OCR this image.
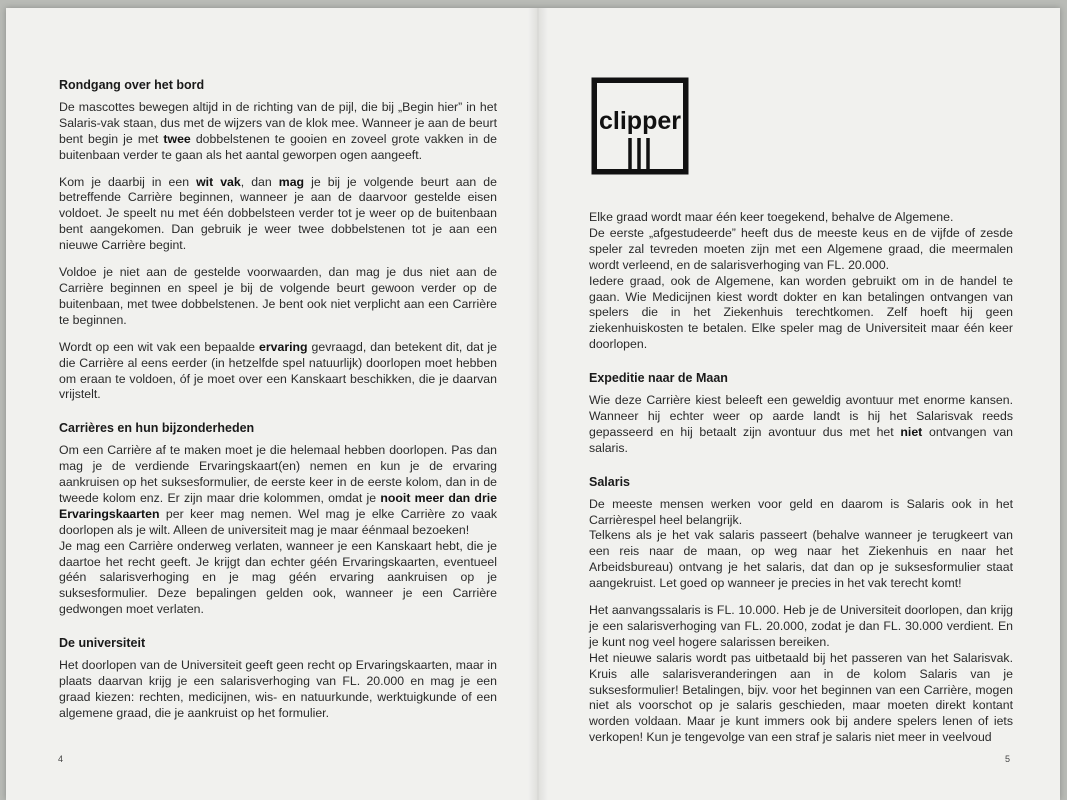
Rondgang over het bord

De mascottes bewegen altijd in de richting van de pijl, die bij „Begin hier” in het Salaris-vak staan, dus met de wijzers van de klok mee. Wanneer je aan de beurt bent begin je met twee dobbelstenen te gooien en zoveel grote vakken in de buitenbaan verder te gaan als het aantal geworpen ogen aangeeft.

Kom je daarbij in een wit vak, dan mag je bij je volgende beurt aan de betreffende Carrière beginnen, wanneer je aan de daarvoor gestelde eisen voldoet. Je speelt nu met één dobbelsteen verder tot je weer op de buitenbaan bent aangekomen. Dan gebruik je weer twee dobbelstenen tot je aan een nieuwe Carrière begint.

Voldoe je niet aan de gestelde voorwaarden, dan mag je dus niet aan de Carrière beginnen en speel je bij de volgende beurt gewoon verder op de buitenbaan, met twee dobbelstenen. Je bent ook niet verplicht aan een Carrière te beginnen.

Wordt op een wit vak een bepaalde ervaring gevraagd, dan betekent dit, dat je die Carrière al eens eerder (in hetzelfde spel natuurlijk) doorlopen moet hebben om eraan te voldoen, óf je moet over een Kanskaart beschikken, die je daarvan vrijstelt.

Carrières en hun bijzonderheden

Om een Carrière af te maken moet je die helemaal hebben doorlopen. Pas dan mag je de verdiende Ervaringskaart(en) nemen en kun je de ervaring aankruisen op het suksesformulier, de eerste keer in de eerste kolom, dan in de tweede kolom enz. Er zijn maar drie kolommen, omdat je nooit meer dan drie Ervaringskaarten per keer mag nemen. Wel mag je elke Carrière zo vaak doorlopen als je wilt. Alleen de universiteit mag je maar éénmaal bezoeken!

Je mag een Carrière onderweg verlaten, wanneer je een Kanskaart hebt, die je daartoe het recht geeft. Je krijgt dan echter géén Ervaringskaarten, eventueel géén salarisverhoging en je mag géén ervaring aankruisen op je suksesformulier. Deze bepalingen gelden ook, wanneer je een Carrière gedwongen moet verlaten.

De universiteit

Het doorlopen van de Universiteit geeft geen recht op Ervaringskaarten, maar in plaats daarvan krijg je een salarisverhoging van FL. 20.000 en mag je een graad kiezen: rechten, medicijnen, wis- en natuurkunde, werktuigkunde of een algemene graad, die je aankruist op het formulier.

4
clipper

Elke graad wordt maar één keer toegekend, behalve de Algemene.

De eerste „afgestudeerde” heeft dus de meeste keus en de vijfde of zesde speler zal tevreden moeten zijn met een Algemene graad, die meermalen wordt verleend, en de salarisverhoging van FL. 20.000.

Iedere graad, ook de Algemene, kan worden gebruikt om in de handel te gaan. Wie Medicijnen kiest wordt dokter en kan betalingen ontvangen van spelers die in het Ziekenhuis terechtkomen. Zelf hoeft hij geen ziekenhuiskosten te betalen. Elke speler mag de Universiteit maar één keer doorlopen.

Expeditie naar de Maan

Wie deze Carrière kiest beleeft een geweldig avontuur met enorme kansen. Wanneer hij echter weer op aarde landt is hij het Salarisvak reeds gepasseerd en hij betaalt zijn avontuur dus met het niet ontvangen van salaris.

Salaris

De meeste mensen werken voor geld en daarom is Salaris ook in het Carrièrespel heel belangrijk.

Telkens als je het vak salaris passeert (behalve wanneer je terugkeert van een reis naar de maan, op weg naar het Ziekenhuis en naar het Arbeidsbureau) ontvang je het salaris, dat dan op je suksesformulier staat aangekruist. Let goed op wanneer je precies in het vak terecht komt!

Het aanvangssalaris is FL. 10.000. Heb je de Universiteit doorlopen, dan krijg je een salarisverhoging van FL. 20.000, zodat je dan FL. 30.000 verdient. En je kunt nog veel hogere salarissen bereiken.

Het nieuwe salaris wordt pas uitbetaald bij het passeren van het Salarisvak. Kruis alle salarisveranderingen aan in de kolom Salaris van je suksesformulier! Betalingen, bijv. voor het beginnen van een Carrière, mogen niet als voorschot op je salaris geschieden, maar moeten direkt kontant worden voldaan. Maar je kunt immers ook bij andere spelers lenen of iets verkopen! Kun je tengevolge van een straf je salaris niet meer in veelvoud

5
